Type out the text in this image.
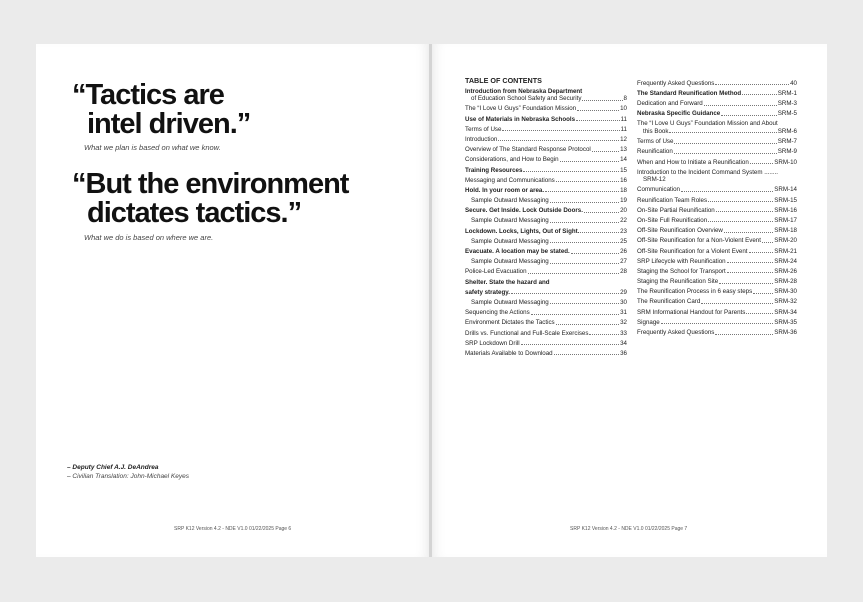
“Tactics are
intel driven.”
What we plan is based on what we know.
“But the environment
dictates tactics.”
What we do is based on where we are.
– Deputy Chief A.J. DeAndrea
– Civilian Translation: John-Michael Keyes
SRP K12 Version 4.2 - NDE V1.0 01/22/2025 Page 6
TABLE OF CONTENTS
Introduction from Nebraska Department
of Education School Safety and Security	8
The “I Love U Guys” Foundation Mission	10
Use of Materials in Nebraska Schools	11
Terms of Use	11
Introduction	12
Overview of The Standard Response Protocol	13
Considerations, and How to Begin	14
Training Resources	15
Messaging and Communications	16
Hold. In your room or area.	18
Sample Outward Messaging	19
Secure. Get Inside. Lock Outside Doors.	20
Sample Outward Messaging	22
Lockdown. Locks, Lights, Out of Sight.	23
Sample Outward Messaging	25
Evacuate. A location may be stated.	26
Sample Outward Messaging	27
Police-Led Evacuation	28
Shelter. State the hazard and
safety strategy.	29
Sample Outward Messaging	30
Sequencing the Actions	31
Environment Dictates the Tactics	32
Drills vs. Functional and Full-Scale Exercises	33
SRP Lockdown Drill	34
Materials Available to Download	36
Frequently Asked Questions	40
The Standard Reunification Method	SRM-1
Dedication and Forward	SRM-3
Nebraska Specific Guidance	SRM-5
The “I Love U Guys” Foundation Mission and About
this Book	SRM-6
Terms of Use	SRM-7
Reunification	SRM-9
When and How to Initiate a Reunification	SRM-10
Introduction to the Incident Command System ........
SRM-12
Communication	SRM-14
Reunification Team Roles	SRM-15
On-Site Partial Reunification	SRM-16
On-Site Full Reunification	SRM-17
Off-Site Reunification Overview	SRM-18
Off-Site Reunification for a Non-Violent Event SRM-20
Off-Site Reunification for a Violent Event	SRM-21
SRP Lifecycle with Reunification	SRM-24
Staging the School for Transport	SRM-26
Staging the Reunification Site	SRM-28
The Reunification Process in 6 easy steps	SRM-30
The Reunification Card	SRM-32
SRM Informational Handout for Parents	SRM-34
Signage	SRM-35
Frequently Asked Questions	SRM-36
SRP K12 Version 4.2 - NDE V1.0 01/22/2025 Page 7
